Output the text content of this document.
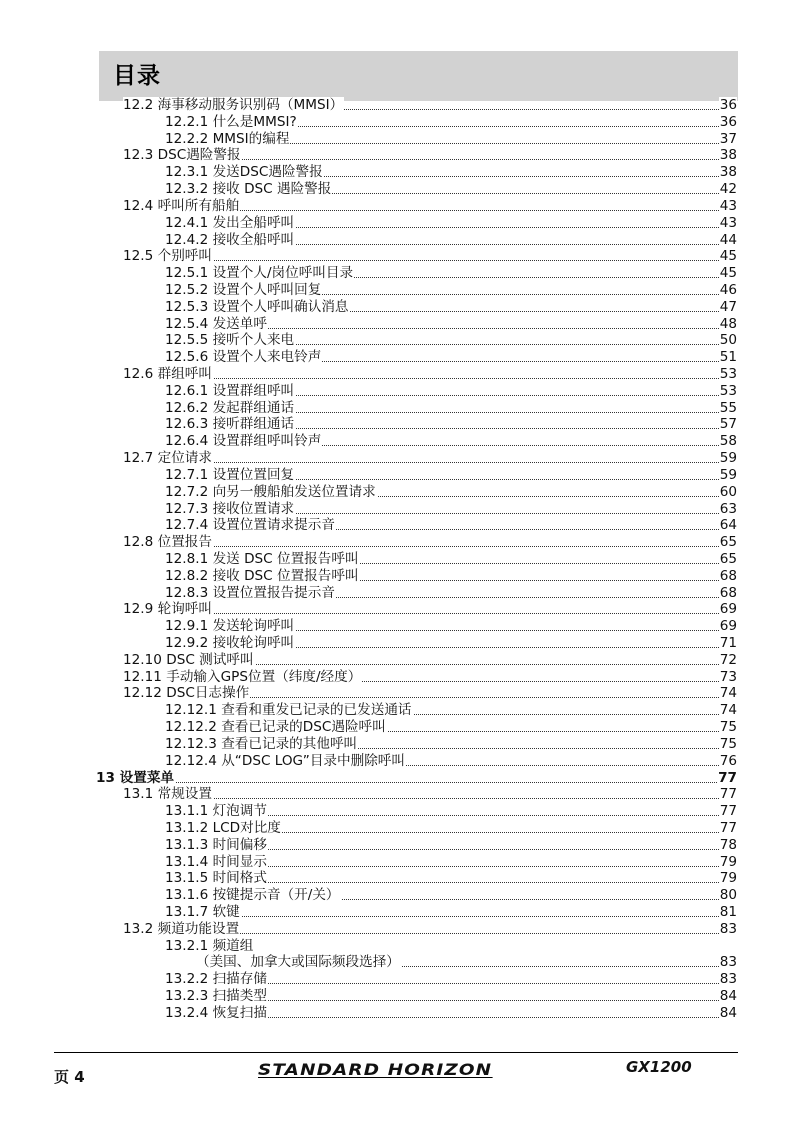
目录
12.2 海事移动服务识别码（MMSI）	36
12.2.1 什么是MMSI?	36
12.2.2 MMSI的编程	37
12.3 DSC遇险警报	38
12.3.1 发送DSC遇险警报	38
12.3.2 接收 DSC 遇险警报	42
12.4 呼叫所有船舶	43
12.4.1 发出全船呼叫	43
12.4.2 接收全船呼叫	44
12.5 个别呼叫	45
12.5.1 设置个人/岗位呼叫目录	45
12.5.2 设置个人呼叫回复	46
12.5.3 设置个人呼叫确认消息	47
12.5.4 发送单呼	48
12.5.5 接听个人来电	50
12.5.6 设置个人来电铃声	51
12.6 群组呼叫	53
12.6.1 设置群组呼叫	53
12.6.2 发起群组通话	55
12.6.3 接听群组通话	57
12.6.4 设置群组呼叫铃声	58
12.7 定位请求	59
12.7.1 设置位置回复	59
12.7.2 向另一艘船舶发送位置请求	60
12.7.3 接收位置请求	63
12.7.4 设置位置请求提示音	64
12.8 位置报告	65
12.8.1 发送 DSC 位置报告呼叫	65
12.8.2 接收 DSC 位置报告呼叫	68
12.8.3 设置位置报告提示音	68
12.9 轮询呼叫	69
12.9.1 发送轮询呼叫	69
12.9.2 接收轮询呼叫	71
12.10 DSC 测试呼叫	72
12.11 手动输入GPS位置（纬度/经度）	73
12.12 DSC日志操作	74
12.12.1 查看和重发已记录的已发送通话	74
12.12.2 查看已记录的DSC遇险呼叫	75
12.12.3 查看已记录的其他呼叫	75
12.12.4 从“DSC LOG”目录中删除呼叫	76
13 设置菜单	77
13.1 常规设置	77
13.1.1 灯泡调节	77
13.1.2 LCD对比度	77
13.1.3 时间偏移	78
13.1.4 时间显示	79
13.1.5 时间格式	79
13.1.6 按键提示音（开/关）	80
13.1.7 软键	81
13.2 频道功能设置	83
13.2.1 频道组
（美国、加拿大或国际频段选择）	83
13.2.2 扫描存储	83
13.2.3 扫描类型	84
13.2.4 恢复扫描	84
页 4	STANDARD HORIZON	GX1200
